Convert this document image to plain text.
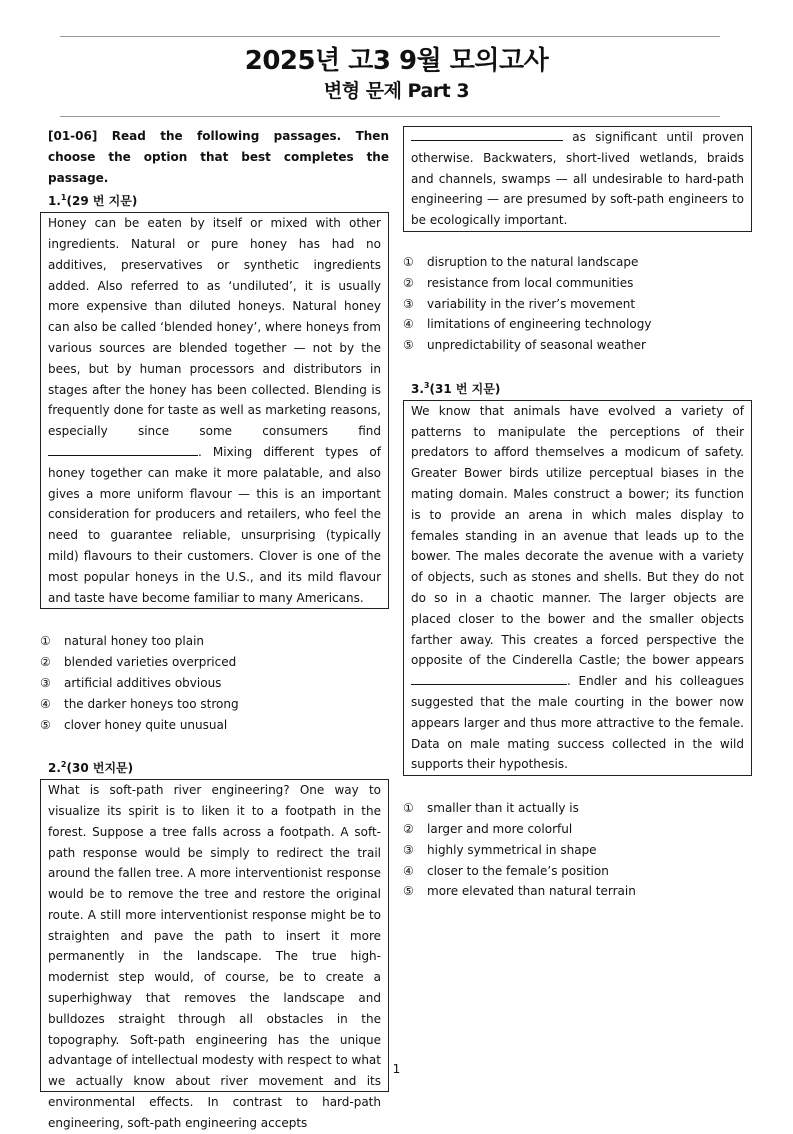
2025년 고3 9월 모의고사
변형 문제 Part 3

[01-06] Read the following passages. Then choose the option that best completes the passage.

1.$^1$(29 번 지문)
Honey can be eaten by itself or mixed with other ingredients. Natural or pure honey has had no additives, preservatives or synthetic ingredients added. Also referred to as ‘undiluted’, it is usually more expensive than diluted honeys. Natural honey can also be called ‘blended honey’, where honeys from various sources are blended together — not by the bees, but by human processors and distributors in stages after the honey has been collected. Blending is frequently done for taste as well as marketing reasons, especially since some consumers find . Mixing different types of honey together can make it more palatable, and also gives a more uniform flavour — this is an important consideration for producers and retailers, who feel the need to guarantee reliable, unsurprising (typically mild) flavours to their customers. Clover is one of the most popular honeys in the U.S., and its mild flavour and taste have become familiar to many Americans.
①	natural honey too plain
②	blended varieties overpriced
③	artificial additives obvious
④	the darker honeys too strong
⑤	clover honey quite unusual
2.$^2$(30 번지문)
What is soft-path river engineering? One way to visualize its spirit is to liken it to a footpath in the forest. Suppose a tree falls across a footpath. A soft-path response would be simply to redirect the trail around the fallen tree. A more interventionist response would be to remove the tree and restore the original route. A still more interventionist response might be to straighten and pave the path to insert it more permanently in the landscape. The true high-modernist step would, of course, be to create a superhighway that removes the landscape and bulldozes straight through all obstacles in the topography. Soft-path engineering has the unique advantage of intellectual modesty with respect to what we actually know about river movement and its environmental effects. In contrast to hard-path engineering, soft-path engineering accepts
as significant until proven otherwise. Backwaters, short-lived wetlands, braids and channels, swamps — all undesirable to hard-path engineering — are presumed by soft-path engineers to be ecologically important.
①	disruption to the natural landscape
②	resistance from local communities
③	variability in the river’s movement
④	limitations of engineering technology
⑤	unpredictability of seasonal weather
3.$^3$(31 번 지문)
We know that animals have evolved a variety of patterns to manipulate the perceptions of their predators to afford themselves a modicum of safety. Greater Bower birds utilize perceptual biases in the mating domain. Males construct a bower; its function is to provide an arena in which males display to females standing in an avenue that leads up to the bower. The males decorate the avenue with a variety of objects, such as stones and shells. But they do not do so in a chaotic manner. The larger objects are placed closer to the bower and the smaller objects farther away. This creates a forced perspective the opposite of the Cinderella Castle; the bower appears . Endler and his colleagues suggested that the male courting in the bower now appears larger and thus more attractive to the female. Data on male mating success collected in the wild supports their hypothesis.
①	smaller than it actually is
②	larger and more colorful
③	highly symmetrical in shape
④	closer to the female’s position
⑤	more elevated than natural terrain
1
